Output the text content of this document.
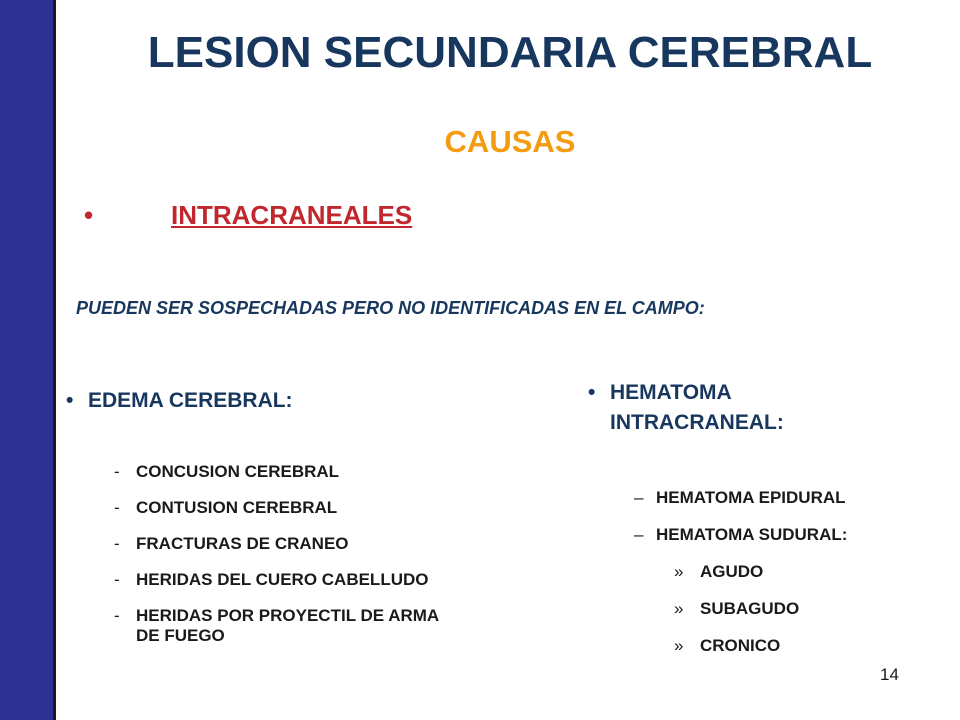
LESION SECUNDARIA CEREBRAL
CAUSAS
•	INTRACRANEALES
PUEDEN SER SOSPECHADAS PERO NO IDENTIFICADAS EN EL CAMPO:
• EDEMA CEREBRAL:
- CONCUSION CEREBRAL
- CONTUSION CEREBRAL
- FRACTURAS DE CRANEO
- HERIDAS DEL CUERO CABELLUDO
- HERIDAS POR PROYECTIL DE ARMA DE FUEGO
• HEMATOMA INTRACRANEAL:
– HEMATOMA EPIDURAL
– HEMATOMA SUDURAL:
» AGUDO
» SUBAGUDO
» CRONICO
14
